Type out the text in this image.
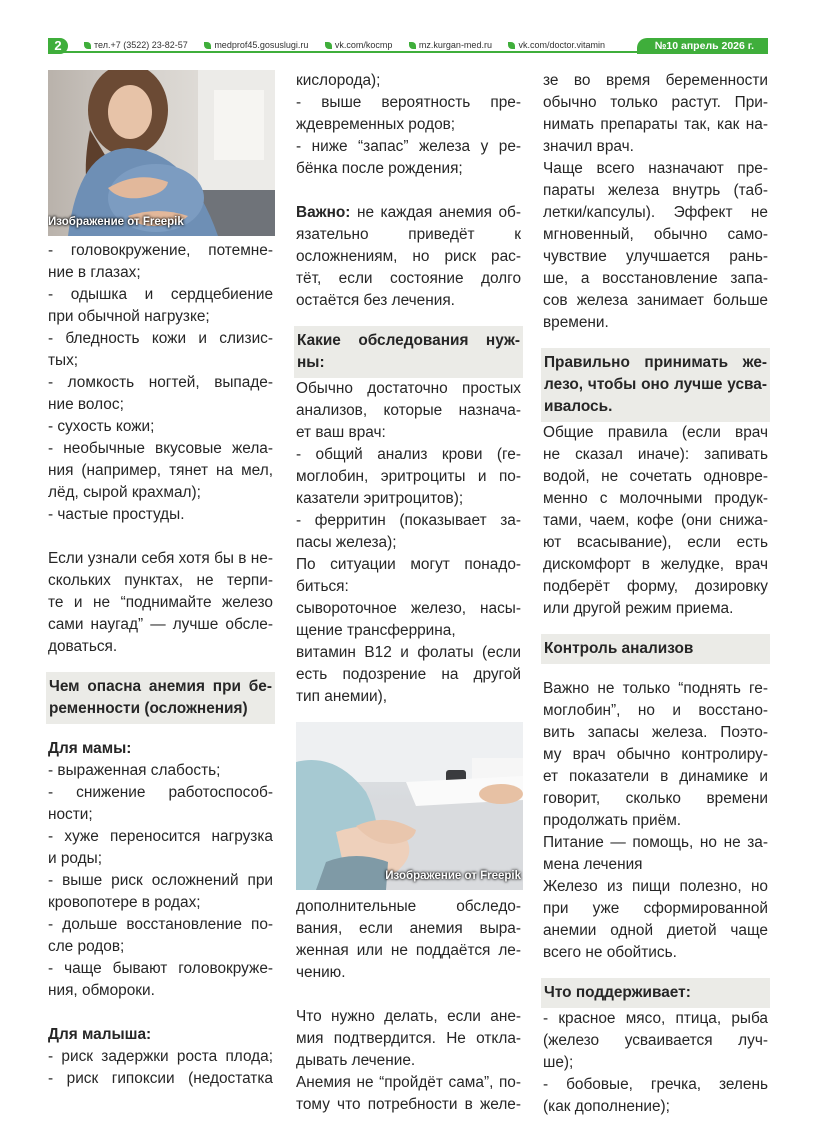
2	тел.+7 (3522) 23-82-57	medprof45.gosuslugi.ru	vk.com/kocmp	mz.kurgan-med.ru	vk.com/doctor.vitamin	№10 апрель 2026 г.
Изображение от Freepik
- головокружение, потемне-
ние в глазах;
- одышка и сердцебиение
при обычной нагрузке;
- бледность кожи и слизис-
тых;
- ломкость ногтей, выпаде-
ние волос;
- сухость кожи;
- необычные вкусовые жела-
ния (например, тянет на мел,
лёд, сырой крахмал);
- частые простуды.
Если узнали себя хотя бы в не-
скольких пунктах, не терпи-
те и не “поднимайте железо
сами наугад” — лучше обсле-
доваться.
Чем опасна анемия при бе-
ременности (осложнения)
Для мамы:
- выраженная слабость;
- снижение работоспособ-
ности;
- хуже переносится нагрузка
и роды;
- выше риск осложнений при
кровопотере в родах;
- дольше восстановление по-
сле родов;
- чаще бывают головокруже-
ния, обмороки.
Для малыша:
- риск задержки роста плода;
- риск гипоксии (недостатка
кислорода);
- выше вероятность пре-
ждевременных родов;
- ниже “запас” железа у ре-
бёнка после рождения;
Важно: не каждая анемия об-
язательно приведёт к
осложнениям, но риск рас-
тёт, если состояние долго
остаётся без лечения.
Какие обследования нуж-
ны:
Обычно достаточно простых
анализов, которые назнача-
ет ваш врач:
- общий анализ крови (ге-
моглобин, эритроциты и по-
казатели эритроцитов);
- ферритин (показывает за-
пасы железа);
По ситуации могут понадо-
биться:
сывороточное железо, насы-
щение трансферрина,
витамин B12 и фолаты (если
есть подозрение на другой
тип анемии),
Изображение от Freepik
дополнительные обследо-
вания, если анемия выра-
женная или не поддаётся ле-
чению.
Что нужно делать, если ане-
мия подтвердится. Не откла-
дывать лечение.
Анемия не “пройдёт сама”, по-
тому что потребности в желе-
зе во время беременности
обычно только растут. При-
нимать препараты так, как на-
значил врач.
Чаще всего назначают пре-
параты железа внутрь (таб-
летки/капсулы). Эффект не
мгновенный, обычно само-
чувствие улучшается рань-
ше, а восстановление запа-
сов железа занимает больше
времени.
Правильно принимать же-
лезо, чтобы оно лучше усва-
ивалось.
Общие правила (если врач
не сказал иначе): запивать
водой, не сочетать одновре-
менно с молочными продук-
тами, чаем, кофе (они снижа-
ют всасывание), если есть
дискомфорт в желудке, врач
подберёт форму, дозировку
или другой режим приема.
Контроль анализов
Важно не только “поднять ге-
моглобин”, но и восстано-
вить запасы железа. Поэто-
му врач обычно контролиру-
ет показатели в динамике и
говорит, сколько времени
продолжать приём.
Питание — помощь, но не за-
мена лечения
Железо из пищи полезно, но
при уже сформированной
анемии одной диетой чаще
всего не обойтись.
Что поддерживает:
- красное мясо, птица, рыба
(железо усваивается луч-
ше);
- бобовые, гречка, зелень
(как дополнение);
